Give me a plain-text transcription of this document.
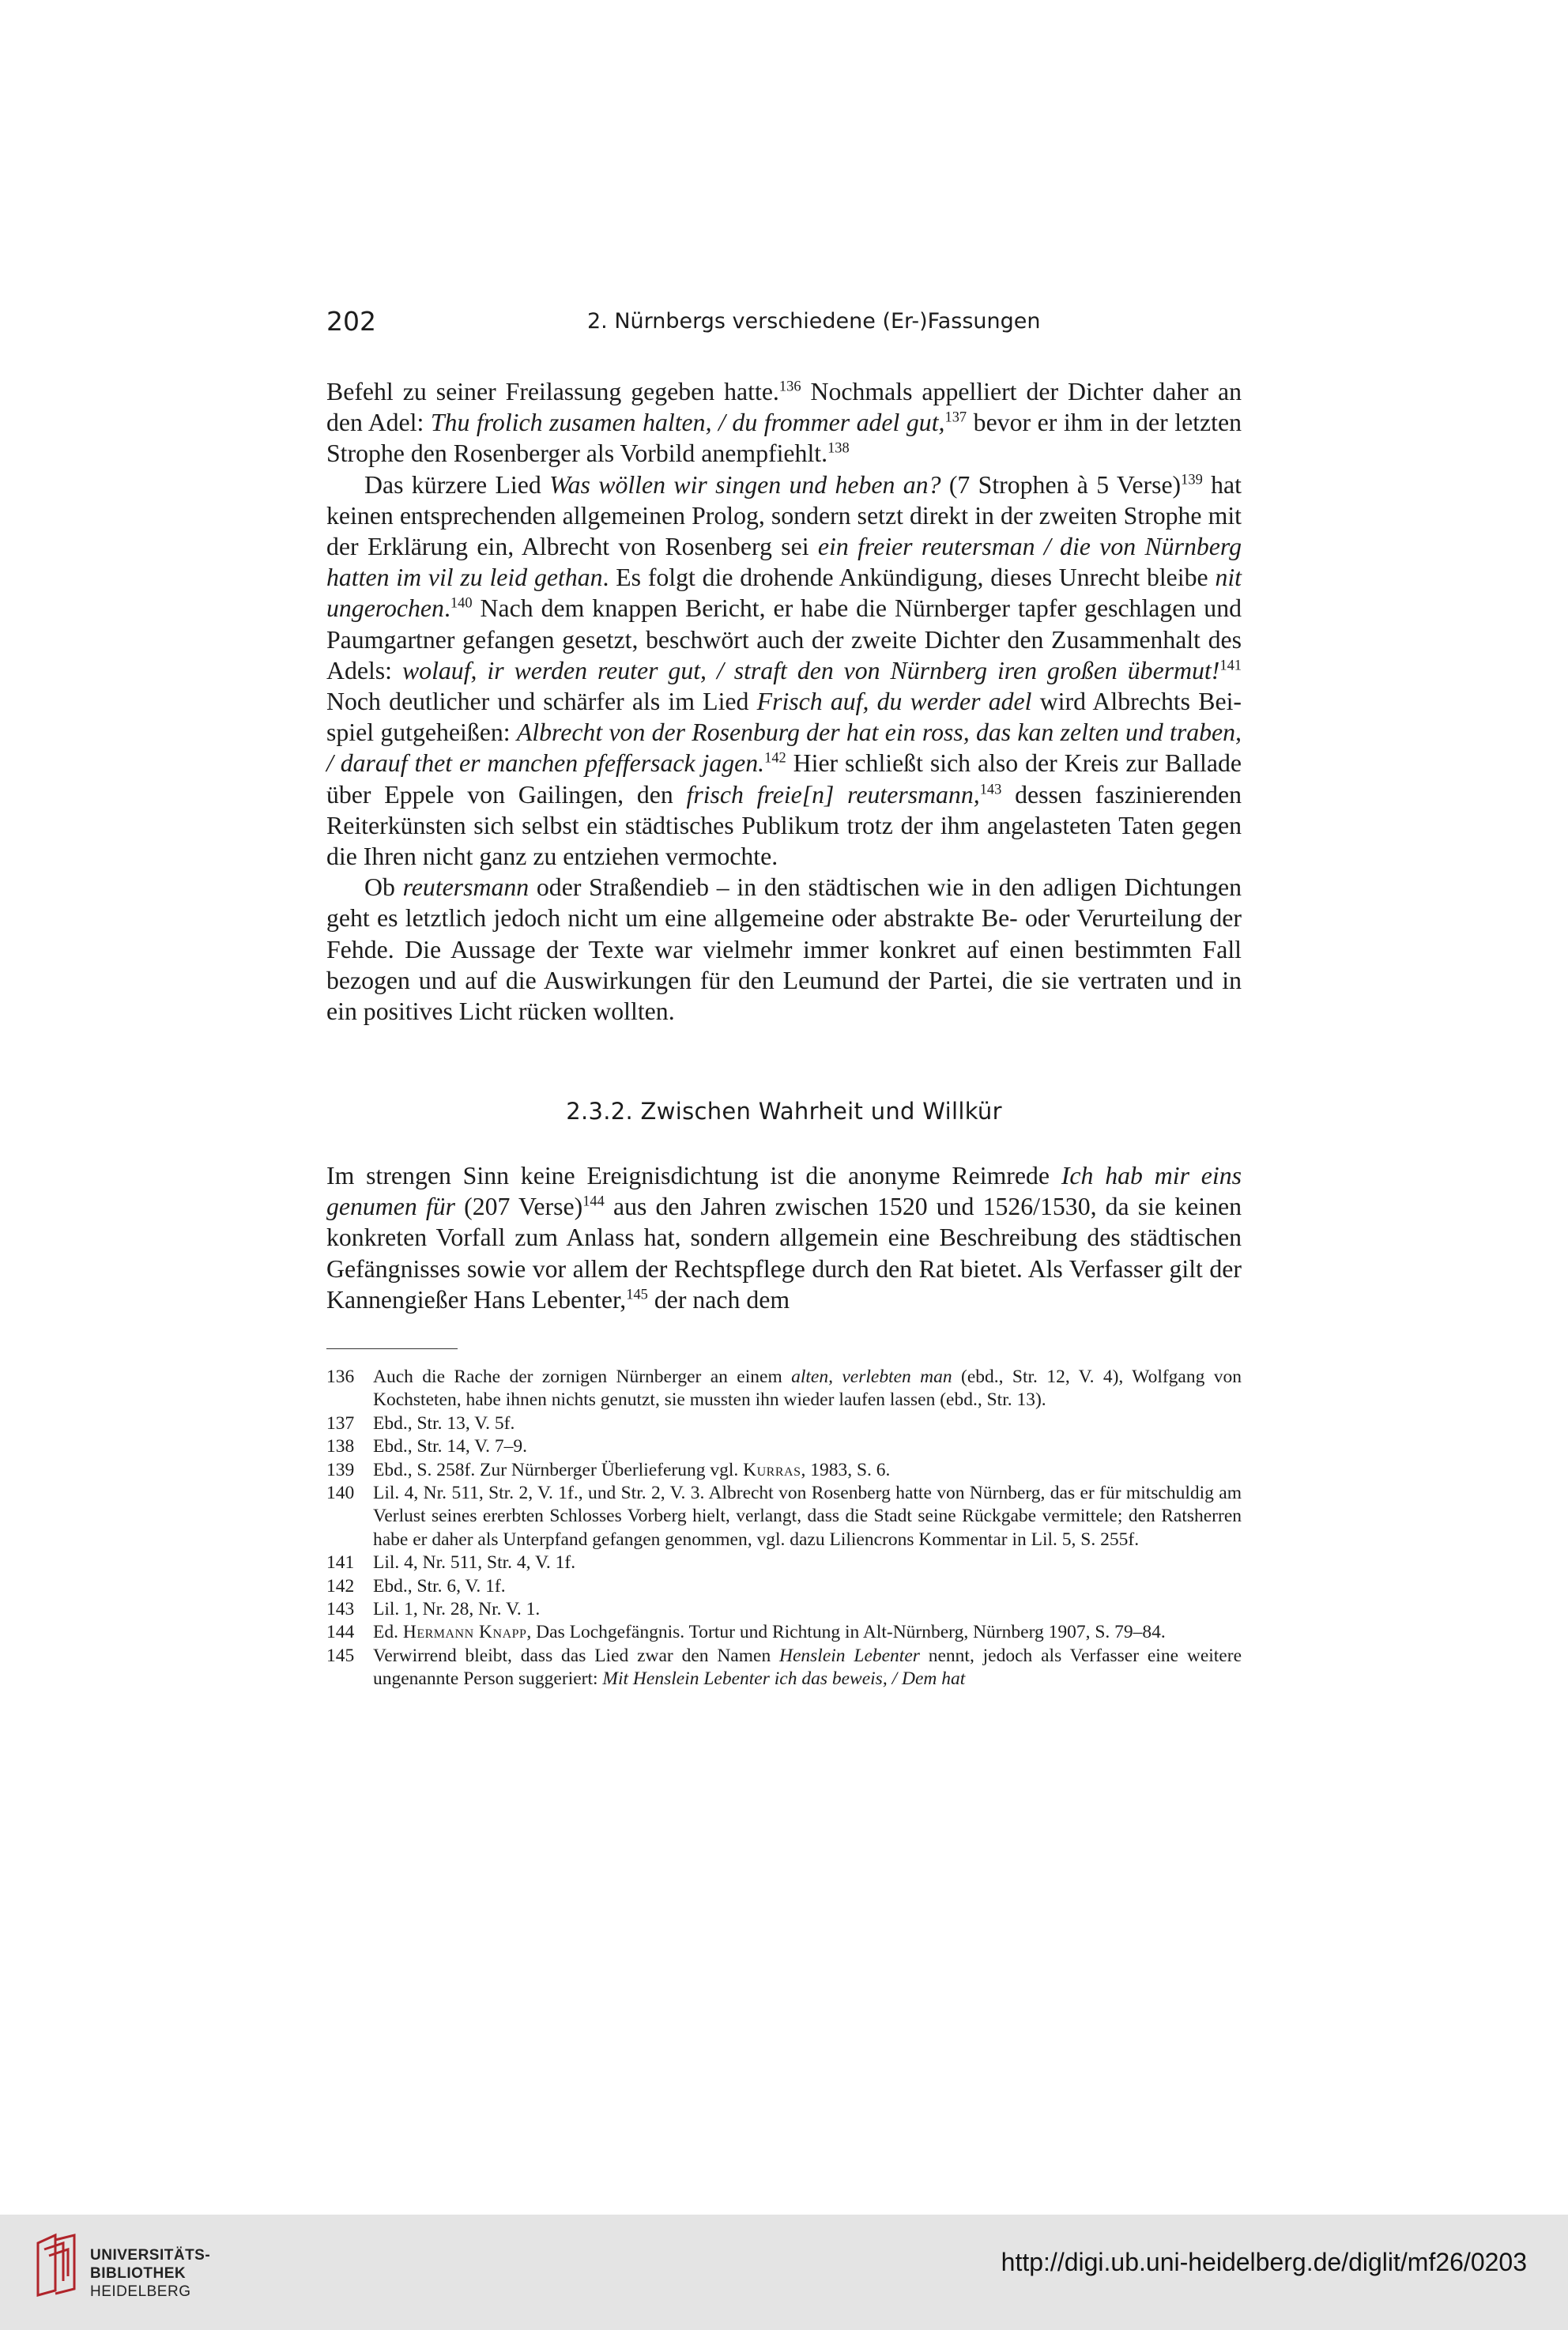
202	2. Nürnbergs verschiedene (Er-)Fassungen

Befehl zu seiner Freilassung gegeben hatte.$^{136}$ Nochmals appelliert der Dichter daher an den Adel: Thu frolich zusamen halten, / du frommer adel gut,$^{137}$ bevor er ihm in der letzten Strophe den Rosenberger als Vorbild anempfiehlt.$^{138}$

Das kürzere Lied Was wöllen wir singen und heben an? (7 Strophen à 5 Verse)$^{139}$ hat keinen entsprechenden allgemeinen Prolog, sondern setzt direkt in der zweiten Strophe mit der Erklärung ein, Albrecht von Rosenberg sei ein freier reutersman / die von Nürnberg hatten im vil zu leid gethan. Es folgt die drohende Ankündigung, dieses Unrecht bleibe nit ungerochen.$^{140}$ Nach dem knappen Bericht, er habe die Nürnberger tapfer geschlagen und Paumgartner gefangen gesetzt, beschwört auch der zweite Dichter den Zusammenhalt des Adels: wolauf, ir werden reuter gut, / straft den von Nürnberg iren großen übermut!$^{141}$ Noch deutlicher und schärfer als im Lied Frisch auf, du werder adel wird Albrechts Beispiel gutgeheißen: Albrecht von der Rosenburg der hat ein ross, das kan zelten und traben, / darauf thet er manchen pfeffersack jagen.$^{142}$ Hier schließt sich also der Kreis zur Ballade über Eppele von Gailingen, den frisch freie[n] reutersmann,$^{143}$ dessen faszinierenden Reiterkünsten sich selbst ein städtisches Publikum trotz der ihm angelasteten Taten gegen die Ihren nicht ganz zu entziehen vermochte.

Ob reutersmann oder Straßendieb – in den städtischen wie in den adligen Dichtungen geht es letztlich jedoch nicht um eine allgemeine oder abstrakte Be- oder Verurteilung der Fehde. Die Aussage der Texte war vielmehr immer konkret auf einen bestimmten Fall bezogen und auf die Auswirkungen für den Leumund der Partei, die sie vertraten und in ein positives Licht rücken wollten.

2.3.2. Zwischen Wahrheit und Willkür

Im strengen Sinn keine Ereignisdichtung ist die anonyme Reimrede Ich hab mir eins genumen für (207 Verse)$^{144}$ aus den Jahren zwischen 1520 und 1526/1530, da sie keinen konkreten Vorfall zum Anlass hat, sondern allgemein eine Beschreibung des städtischen Gefängnisses sowie vor allem der Rechtspflege durch den Rat bietet. Als Verfasser gilt der Kannengießer Hans Lebenter,$^{145}$ der nach dem

136	Auch die Rache der zornigen Nürnberger an einem alten, verlebten man (ebd., Str. 12, V. 4), Wolfgang von Kochsteten, habe ihnen nichts genutzt, sie mussten ihn wieder laufen lassen (ebd., Str. 13).
137	Ebd., Str. 13, V. 5f.
138	Ebd., Str. 14, V. 7–9.
139	Ebd., S. 258f. Zur Nürnberger Überlieferung vgl. Kurras, 1983, S. 6.
140	Lil. 4, Nr. 511, Str. 2, V. 1f., und Str. 2, V. 3. Albrecht von Rosenberg hatte von Nürnberg, das er für mitschuldig am Verlust seines ererbten Schlosses Vorberg hielt, verlangt, dass die Stadt seine Rückgabe vermittele; den Ratsherren habe er daher als Unterpfand gefangen genommen, vgl. dazu Liliencrons Kommentar in Lil. 5, S. 255f.
141	Lil. 4, Nr. 511, Str. 4, V. 1f.
142	Ebd., Str. 6, V. 1f.
143	Lil. 1, Nr. 28, Nr. V. 1.
144	Ed. Hermann Knapp, Das Lochgefängnis. Tortur und Richtung in Alt-Nürnberg, Nürnberg 1907, S. 79–84.
145	Verwirrend bleibt, dass das Lied zwar den Namen Henslein Lebenter nennt, jedoch als Verfasser eine weitere ungenannte Person suggeriert: Mit Henslein Lebenter ich das beweis, / Dem hat
UNIVERSITÄTS-
BIBLIOTHEK
HEIDELBERG
http://digi.ub.uni-heidelberg.de/diglit/mf26/0203
